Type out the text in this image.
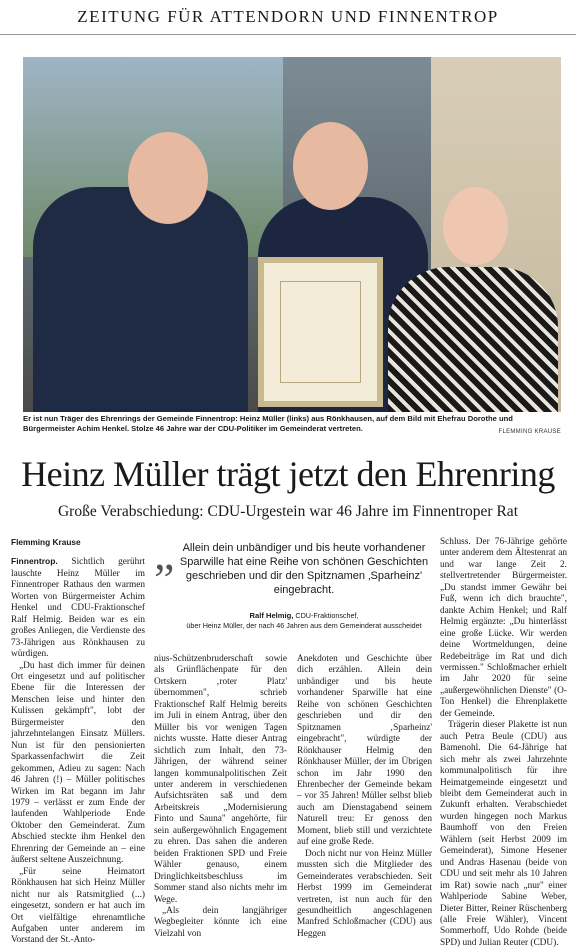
ZEITUNG FÜR ATTENDORN UND FINNENTROP
Er ist nun Träger des Ehrenrings der Gemeinde Finnentrop: Heinz Müller (links) aus Rönkhausen, auf dem Bild mit Ehefrau Dorothe und Bürgermeister Achim Henkel. Stolze 46 Jahre war der CDU-Politiker im Gemeinderat vertreten.	FLEMMING KRAUSE
Heinz Müller trägt jetzt den Ehrenring
Große Verabschiedung: CDU-Urgestein war 46 Jahre im Finnentroper Rat
Flemming Krause

Finnentrop. Sichtlich gerührt lauschte Heinz Müller im Finnentroper Rathaus den warmen Worten von Bürgermeister Achim Henkel und CDU-Fraktionschef Ralf Helmig. Beiden war es ein großes Anliegen, die Verdienste des 73-Jährigen aus Rönkhausen zu würdigen.

„Du hast dich immer für deinen Ort eingesetzt und auf politischer Ebene für die Interessen der Menschen leise und hinter den Kulissen gekämpft", lobt der Bürgermeister den jahrzehntelangen Einsatz Müllers. Nun ist für den pensionierten Sparkassenfachwirt die Zeit gekommen, Adieu zu sagen: Nach 46 Jahren (!) – Müller politisches Wirken im Rat begann im Jahr 1979 – verlässt er zum Ende der laufenden Wahlperiode Ende Oktober den Gemeinderat. Zum Abschied steckte ihm Henkel den Ehrenring der Gemeinde an – eine äußerst seltene Auszeichnung.

„Für seine Heimatort Rönkhausen hat sich Heinz Müller nicht nur als Ratsmitglied (...) eingesetzt, sondern er hat auch im Ort vielfältige ehrenamtliche Aufgaben unter anderem im Vorstand der St.-Anto-

„ Allein dein unbändiger und bis heute vorhandener Sparwille hat eine Reihe von schönen Geschichten geschrieben und dir den Spitznamen ‚Sparheinz' eingebracht.
Ralf Helmig, CDU-Fraktionschef,
über Heinz Müller, der nach 46 Jahren aus dem Gemeinderat ausscheidet

nius-Schützenbruderschaft sowie als Grünflächenpate für den Ortskern ‚roter Platz' übernommen", schrieb Fraktionschef Ralf Helmig bereits im Juli in einem Antrag, über den Müller bis vor wenigen Tagen nichts wusste. Hatte dieser Antrag sichtlich zum Inhalt, den 73-Jährigen, der während seiner langen kommunalpolitischen Zeit unter anderem in verschiedenen Aufsichtsräten saß und dem Arbeitskreis „Modernisierung Finto und Sauna" angehörte, für sein außergewöhnlich Engagement zu ehren. Das sahen die anderen beiden Fraktionen SPD und Freie Wähler genauso, einem Dringlichkeitsbeschluss im Sommer stand also nichts mehr im Wege.

„Als dein langjähriger Wegbegleiter könnte ich eine Vielzahl von

Anekdoten und Geschichte über dich erzählen. Allein dein unbändiger und bis heute vorhandener Sparwille hat eine Reihe von schönen Geschichten geschrieben und dir den Spitznamen ‚Sparheinz' eingebracht", würdigte der Rönkhauser Helmig den Rönkhauser Müller, der im Übrigen schon im Jahr 1990 den Ehrenbecher der Gemeinde bekam – vor 35 Jahren! Müller selbst blieb auch am Dienstagabend seinem Naturell treu: Er genoss den Moment, blieb still und verzichtete auf eine große Rede.

Doch nicht nur von Heinz Müller mussten sich die Mitglieder des Gemeinderates verabschieden. Seit Herbst 1999 im Gemeinderat vertreten, ist nun auch für den gesundheitlich angeschlagenen Manfred Schloßmacher (CDU) aus Heggen

Schluss. Der 76-Jährige gehörte unter anderem dem Ältestenrat an und war lange Zeit 2. stellvertretender Bürgermeister. „Du standst immer Gewähr bei Fuß, wenn ich dich brauchte", dankte Achim Henkel; und Ralf Helmig ergänzte: „Du hinterlässt eine große Lücke. Wir werden deine Wortmeldungen, deine Redebeiträge im Rat und dich vermissen." Schloßmacher erhielt im Jahr 2020 für seine „außergewöhnlichen Dienste" (O-Ton Henkel) die Ehrenplakette der Gemeinde.

Trägerin dieser Plakette ist nun auch Petra Beule (CDU) aus Bamenohl. Die 64-Jährige hat sich mehr als zwei Jahrzehnte kommunalpolitisch für ihre Heimatgemeinde eingesetzt und bleibt dem Gemeinderat auch in Zukunft erhalten. Verabschiedet wurden hingegen noch Markus Baumhoff von den Freien Wählern (seit Herbst 2009 im Gemeinderat), Simone Hesener und Andras Hasenau (beide von CDU und seit mehr als 10 Jahren im Rat) sowie nach „nur" einer Wahlperiode Sabine Weber, Dieter Bitter, Reiner Rüschenberg (alle Freie Wähler), Vincent Sommerhoff, Udo Rohde (beide SPD) und Julian Reuter (CDU).
